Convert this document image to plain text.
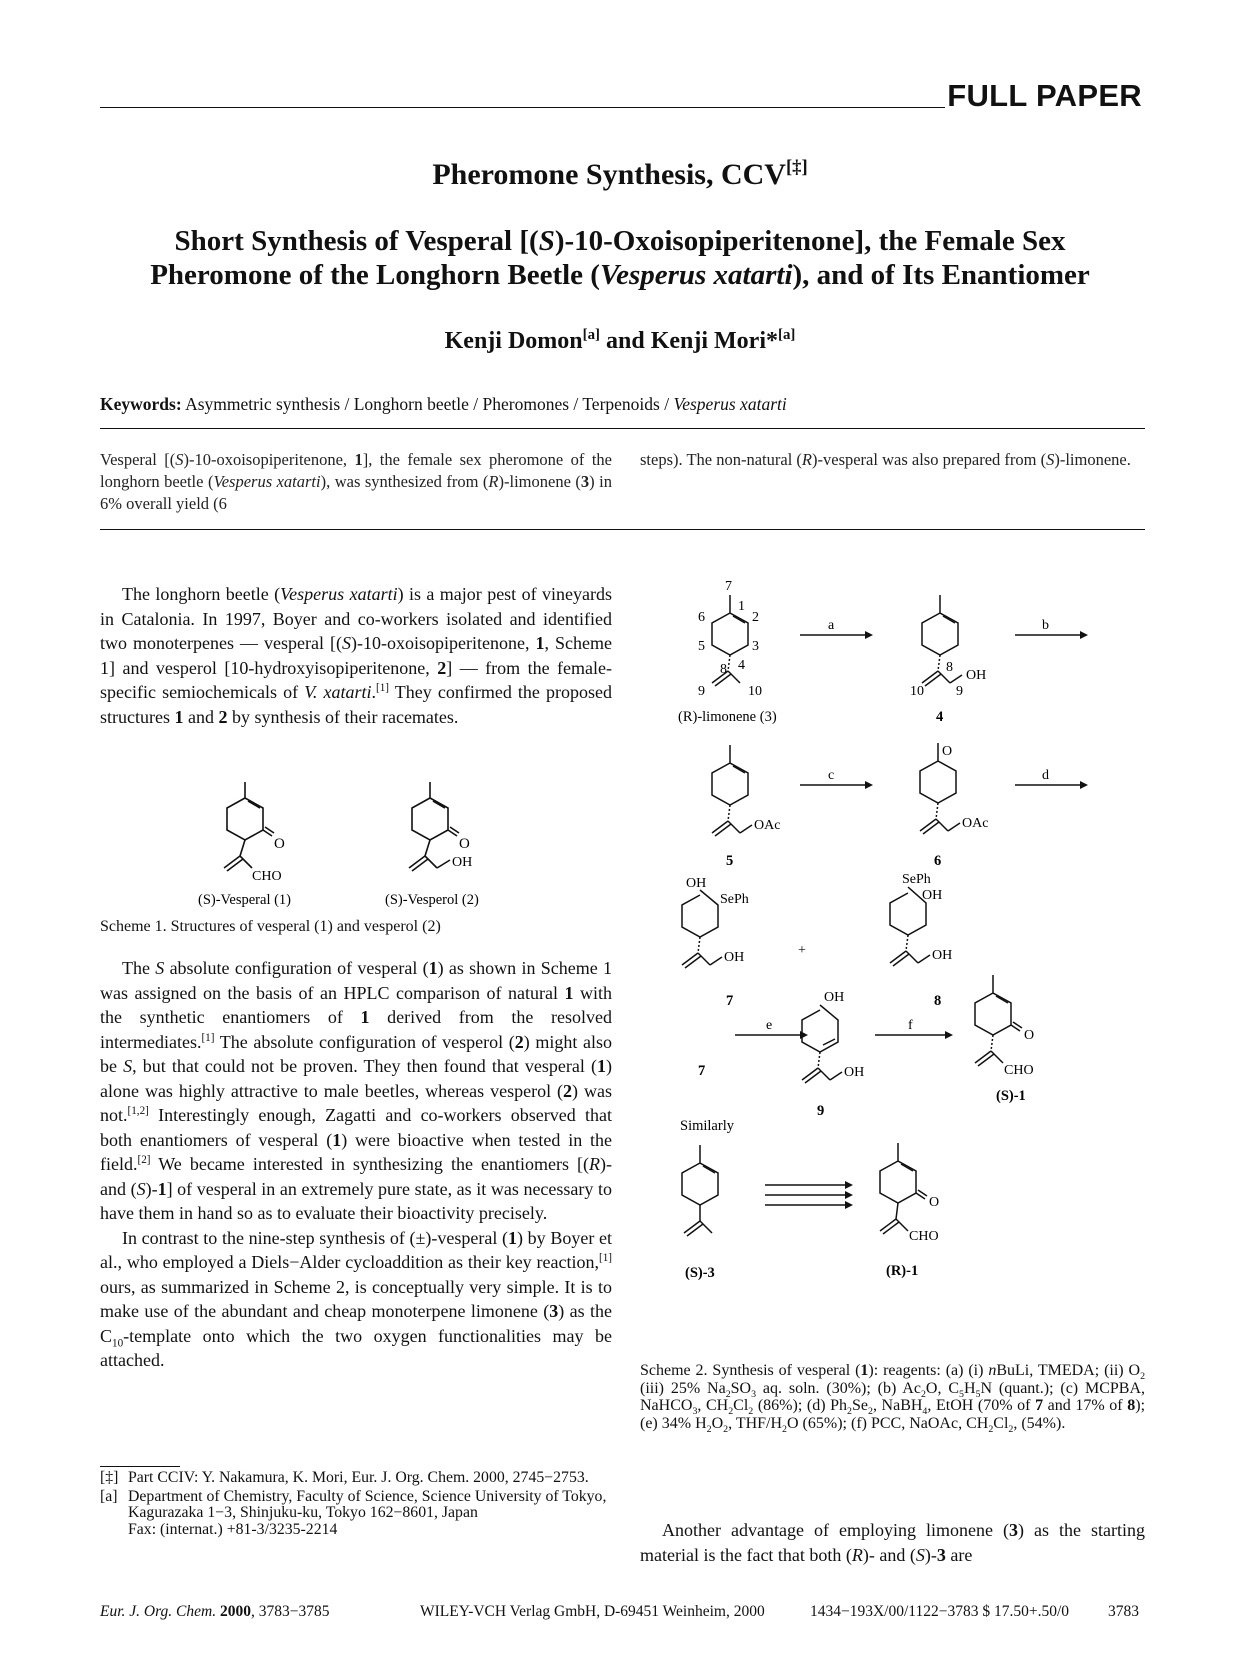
FULL PAPER
Pheromone Synthesis, CCV[‡]
Short Synthesis of Vesperal [(S)-10-Oxoisopiperitenone], the Female Sex
Pheromone of the Longhorn Beetle (Vesperus xatarti), and of Its Enantiomer
Kenji Domon[a] and Kenji Mori*[a]
Keywords: Asymmetric synthesis / Longhorn beetle / Pheromones / Terpenoids / Vesperus xatarti
Vesperal [(S)-10-oxoisopiperitenone, 1], the female sex pheromone of the longhorn beetle (Vesperus xatarti), was synthesized from (R)-limonene (3) in 6% overall yield (6
steps). The non-natural (R)-vesperal was also prepared from (S)-limonene.

The longhorn beetle (Vesperus xatarti) is a major pest of vineyards in Catalonia. In 1997, Boyer and co-workers isolated and identified two monoterpenes — vesperal [(S)-10-oxoisopiperitenone, 1, Scheme 1] and vesperol [10-hydroxyisopiperitenone, 2] — from the female-specific semiochemicals of V. xatarti.[1] They confirmed the proposed structures 1 and 2 by synthesis of their racemates.

O
CHO
O
OH
(S)-Vesperal (1)	(S)-Vesperol (2)
Scheme 1. Structures of vesperal (1) and vesperol (2)

The S absolute configuration of vesperal (1) as shown in Scheme 1 was assigned on the basis of an HPLC comparison of natural 1 with the synthetic enantiomers of 1 derived from the resolved intermediates.[1] The absolute configuration of vesperol (2) might also be S, but that could not be proven. They then found that vesperal (1) alone was highly attractive to male beetles, whereas vesperol (2) was not.[1,2] Interestingly enough, Zagatti and co-workers observed that both enantiomers of vesperal (1) were bioactive when tested in the field.[2] We became interested in synthesizing the enantiomers [(R)- and (S)-1] of vesperal in an extremely pure state, as it was necessary to have them in hand so as to evaluate their bioactivity precisely.

In contrast to the nine-step synthesis of (±)-vesperal (1) by Boyer et al., who employed a Diels−Alder cycloaddition as their key reaction,[1] ours, as summarized in Scheme 2, is conceptually very simple. It is to make use of the abundant and cheap monoterpene limonene (3) as the $C_{10}$-template onto which the two oxygen functionalities may be attached.

[‡] Part CCIV: Y. Nakamura, K. Mori, Eur. J. Org. Chem. 2000, 2745−2753.
[a] Department of Chemistry, Faculty of Science, Science University of Tokyo,
Kagurazaka 1−3, Shinjuku-ku, Tokyo 162−8601, Japan
Fax: (internat.) +81-3/3235-2214
7
1
2
3
6
5
4
8
9	10
8
OH
10 9
OAc	OAc
O
OH
SePh
OH
SePh
OH
OH
OH
OH
O
CHO
O
CHO
+
a	b
c	d
e	f
(R)-limonene (3)	4
5	6
7	8
7
9
(S)-1
(S)-3	(R)-1
Similarly
Scheme 2. Synthesis of vesperal (1): reagents: (a) (i) nBuLi, TMEDA; (ii) $O_2$ (iii) 25% $Na_2SO_3$ aq. soln. (30%); (b) $Ac_2O$, $C_5H_5N$ (quant.); (c) MCPBA, NaHCO$_3$, $CH_2Cl_2$ (86%); (d) $Ph_2Se_2$, NaBH$_4$, EtOH (70% of 7 and 17% of 8); (e) 34% $H_2O_2$, THF/$H_2O$ (65%); (f) PCC, NaOAc, $CH_2Cl_2$, (54%).

Another advantage of employing limonene (3) as the starting material is the fact that both (R)- and (S)-3 are

Eur. J. Org. Chem. 2000, 3783−3785	WILEY-VCH Verlag GmbH, D-69451 Weinheim, 2000	1434−193X/00/1122−3783 $ 17.50+.50/0	3783
